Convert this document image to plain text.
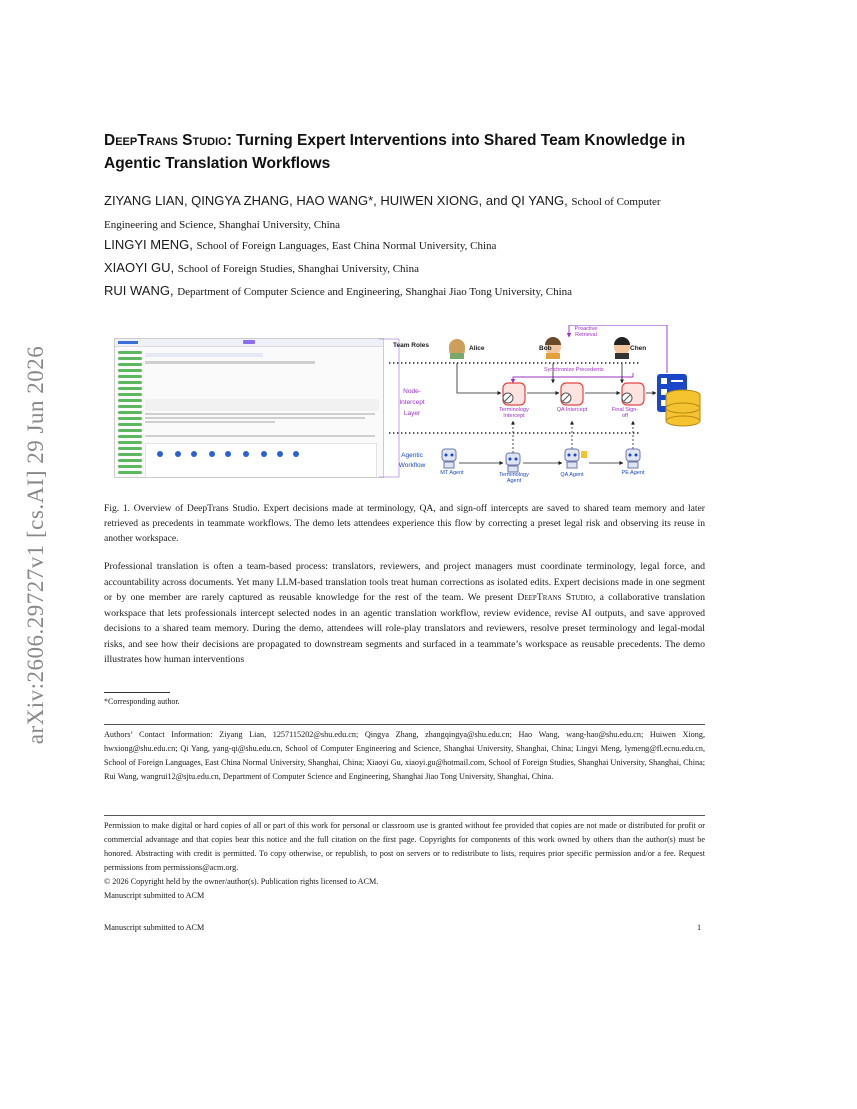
arXiv:2606.29727v1 [cs.AI] 29 Jun 2026
DeepTrans Studio: Turning Expert Interventions into Shared Team Knowledge in Agentic Translation Workflows
ZIYANG LIAN, QINGYA ZHANG, HAO WANG*, HUIWEN XIONG, and QI YANG, School of Computer Engineering and Science, Shanghai University, China
LINGYI MENG, School of Foreign Languages, East China Normal University, China
XIAOYI GU, School of Foreign Studies, Shanghai University, China
RUI WANG, Department of Computer Science and Engineering, Shanghai Jiao Tong University, China
Team Roles	Alice	Bob	Chen
Proactive Retrieval
Synchronize Precedents
Node-Intercept Layer
Agentic Workflow
Terminology Intercept
QA Intercept	Final Sign-off
MT Agent	Terminology Agent
QA Agent	PE Agent
Fig. 1. Overview of DeepTrans Studio. Expert decisions made at terminology, QA, and sign-off intercepts are saved to shared team memory and later retrieved as precedents in teammate workflows. The demo lets attendees experience this flow by correcting a preset legal risk and observing its reuse in another workspace.
Professional translation is often a team-based process: translators, reviewers, and project managers must coordinate terminology, legal force, and accountability across documents. Yet many LLM-based translation tools treat human corrections as isolated edits. Expert decisions made in one segment or by one member are rarely captured as reusable knowledge for the rest of the team. We present DeepTrans Studio, a collaborative translation workspace that lets professionals intercept selected nodes in an agentic translation workflow, review evidence, revise AI outputs, and save approved decisions to a shared team memory. During the demo, attendees will role-play translators and reviewers, resolve preset terminology and legal-modal risks, and see how their decisions are propagated to downstream segments and surfaced in a teammate’s workspace as reusable precedents. The demo illustrates how human interventions
*Corresponding author.
Authors’ Contact Information: Ziyang Lian, 1257115202@shu.edu.cn; Qingya Zhang, zhangqingya@shu.edu.cn; Hao Wang, wang-hao@shu.edu.cn; Huiwen Xiong, hwxiong@shu.edu.cn; Qi Yang, yang-qi@shu.edu.cn, School of Computer Engineering and Science, Shanghai University, Shanghai, China; Lingyi Meng, lymeng@fl.ecnu.edu.cn, School of Foreign Languages, East China Normal University, Shanghai, China; Xiaoyi Gu, xiaoyi.gu@hotmail.com, School of Foreign Studies, Shanghai University, Shanghai, China; Rui Wang, wangrui12@sjtu.edu.cn, Department of Computer Science and Engineering, Shanghai Jiao Tong University, Shanghai, China.
Permission to make digital or hard copies of all or part of this work for personal or classroom use is granted without fee provided that copies are not made or distributed for profit or commercial advantage and that copies bear this notice and the full citation on the first page. Copyrights for components of this work owned by others than the author(s) must be honored. Abstracting with credit is permitted. To copy otherwise, or republish, to post on servers or to redistribute to lists, requires prior specific permission and/or a fee. Request permissions from permissions@acm.org.
© 2026 Copyright held by the owner/author(s). Publication rights licensed to ACM.
Manuscript submitted to ACM
Manuscript submitted to ACM	1
